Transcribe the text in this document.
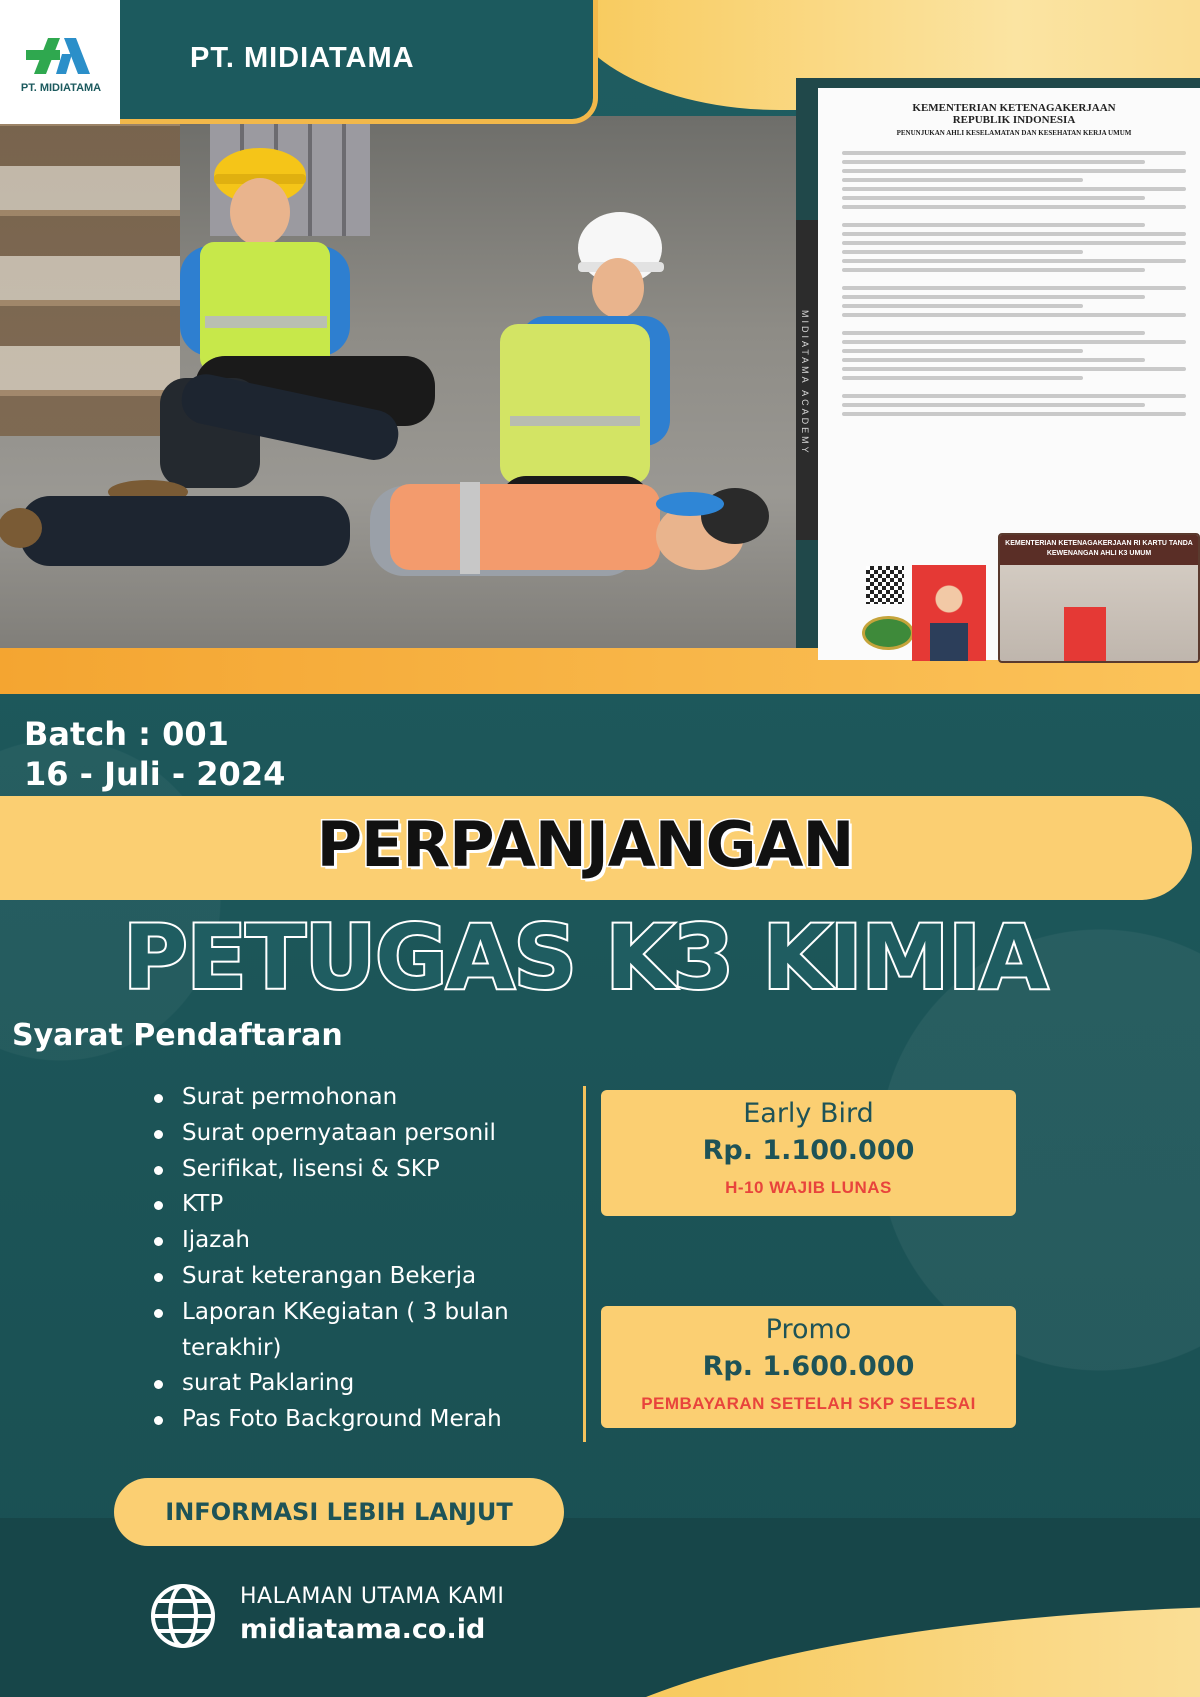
PT. MIDIATAMA
PT. MIDIATAMA
MIDIATAMA ACADEMY
KEMENTERIAN KETENAGAKERJAAN
REPUBLIK INDONESIA
PENUNJUKAN AHLI KESELAMATAN DAN KESEHATAN KERJA UMUM
KEMENTERIAN KETENAGAKERJAAN RI KARTU TANDA KEWENANGAN AHLI K3 UMUM
Batch : 001
16 - Juli - 2024
PERPANJANGAN
PETUGAS K3 KIMIA
Syarat Pendaftaran
Surat permohonan
Surat opernyataan personil
Serifikat, lisensi & SKP
KTP
Ijazah
Surat keterangan Bekerja
Laporan KKegiatan ( 3 bulan terakhir)
surat Paklaring
Pas Foto Background Merah
Early Bird
Rp. 1.100.000
H-10 WAJIB LUNAS
Promo
Rp. 1.600.000
PEMBAYARAN SETELAH SKP SELESAI
INFORMASI LEBIH LANJUT
HALAMAN UTAMA KAMI
midiatama.co.id
